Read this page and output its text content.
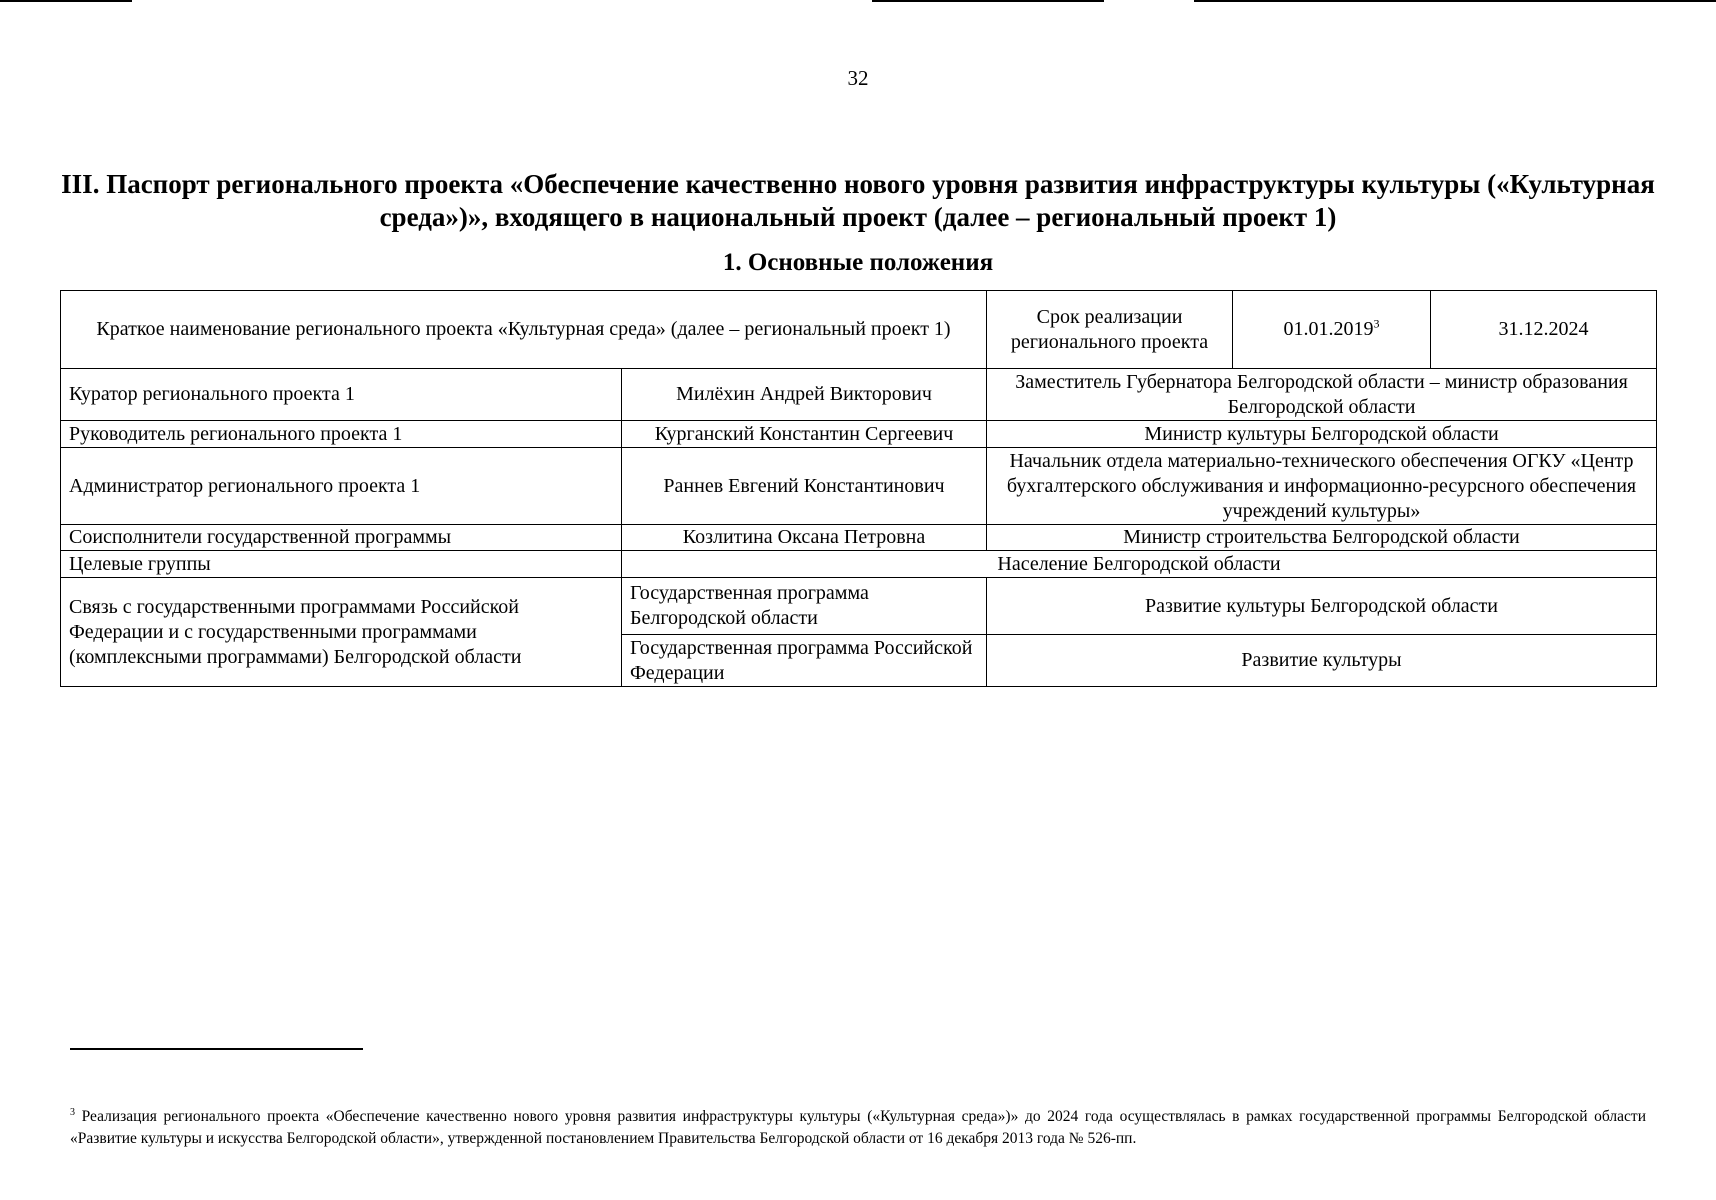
32
III. Паспорт регионального проекта «Обеспечение качественно нового уровня развития инфраструктуры культуры («Культурная среда»)», входящего в национальный проект (далее – региональный проект 1)
1. Основные положения
Краткое наименование регионального проекта «Культурная среда» (далее – региональный проект 1)		Срок реализации регионального проекта	01.01.2019$^3$	31.12.2024
Куратор регионального проекта 1	Милёхин Андрей Викторович	Заместитель Губернатора Белгородской области – министр образования Белгородской области		
Руководитель регионального проекта 1	Курганский Константин Сергеевич	Министр культуры Белгородской области		
Администратор регионального проекта 1	Раннев Евгений Константинович	Начальник отдела материально-технического обеспечения ОГКУ «Центр бухгалтерского обслуживания и информационно-ресурсного обеспечения учреждений культуры»		
Соисполнители государственной программы	Козлитина Оксана Петровна	Министр строительства Белгородской области		
Целевые группы	Население Белгородской области			
Связь с государственными программами Российской Федерации и с государственными программами (комплексными программами) Белгородской области	Государственная программа Белгородской области	Развитие культуры Белгородской области		
	Государственная программа Российской Федерации	Развитие культуры		
$^3$ Реализация регионального проекта «Обеспечение качественно нового уровня развития инфраструктуры культуры («Культурная среда»)» до 2024 года осуществлялась в рамках государственной программы Белгородской области «Развитие культуры и искусства Белгородской области», утвержденной постановлением Правительства Белгородской области от 16 декабря 2013 года № 526-пп.
